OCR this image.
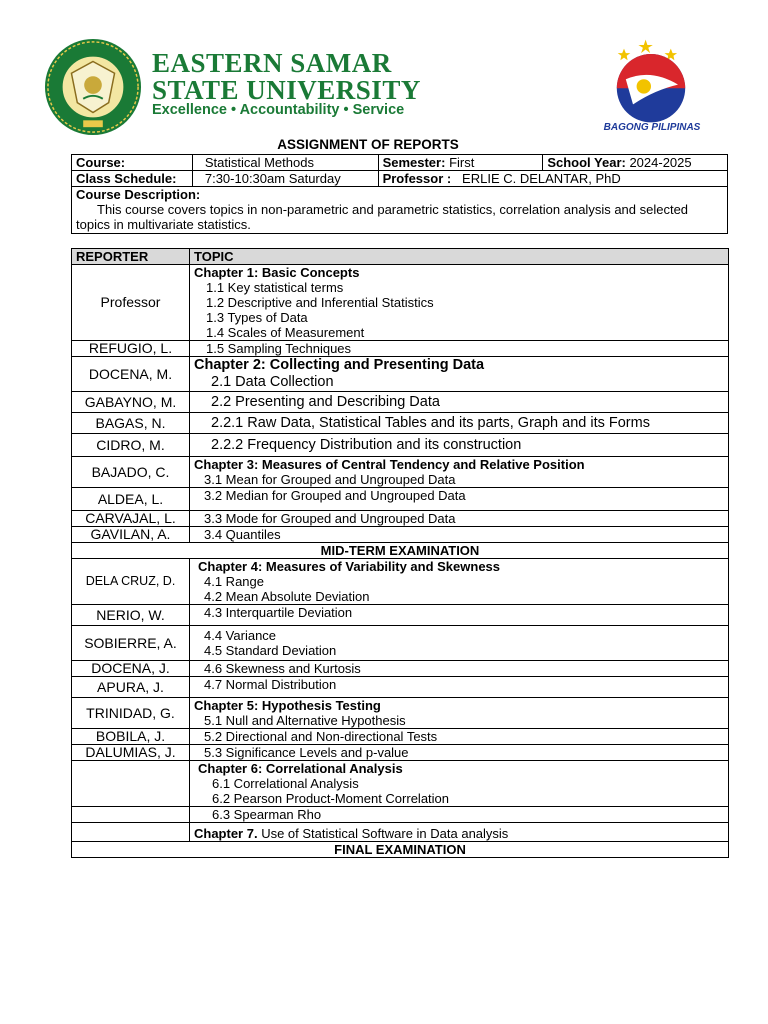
EASTERN SAMAR
STATE UNIVERSITY
Excellence • Accountability • Service
BAGONG PILIPINAS
ASSIGNMENT OF REPORTS
Course:	Statistical Methods	Semester: First	School Year: 2024-2025
Class Schedule:	7:30-10:30am Saturday	Professor : ERLIE C. DELANTAR, PhD	

Course Description:
This course covers topics in non-parametric and parametric statistics, correlation analysis and selected topics in multivariate statistics.			
REPORTER	TOPIC
Professor	Chapter 1: Basic Concepts
1.1 Key statistical terms
1.2 Descriptive and Inferential Statistics
1.3 Types of Data
1.4 Scales of Measurement

REFUGIO, L.	1.5 Sampling Techniques

DOCENA, M.	Chapter 2: Collecting and Presenting Data
2.1 Data Collection

GABAYNO, M.	2.2 Presenting and Describing Data

BAGAS, N.	2.2.1 Raw Data, Statistical Tables and its parts, Graph and its Forms

CIDRO, M.	2.2.2 Frequency Distribution and its construction

BAJADO, C.	Chapter 3: Measures of Central Tendency and Relative Position
3.1 Mean for Grouped and Ungrouped Data

ALDEA, L.	3.2 Median for Grouped and Ungrouped Data

CARVAJAL, L.	3.3 Mode for Grouped and Ungrouped Data

GAVILAN, A.	3.4 Quantiles

MID-TERM EXAMINATION	
DELA CRUZ, D.	Chapter 4: Measures of Variability and Skewness
4.1 Range
4.2 Mean Absolute Deviation

NERIO, W.	4.3 Interquartile Deviation

SOBIERRE, A.	4.4 Variance
4.5 Standard Deviation

DOCENA, J.	4.6 Skewness and Kurtosis

APURA, J.	4.7 Normal Distribution

TRINIDAD, G.	Chapter 5: Hypothesis Testing
5.1 Null and Alternative Hypothesis

BOBILA, J.	5.2 Directional and Non-directional Tests

DALUMIAS, J.	5.3 Significance Levels and p-value

	Chapter 6: Correlational Analysis
6.1 Correlational Analysis
6.2 Pearson Product-Moment Correlation

	6.3 Spearman Rho

	Chapter 7. Use of Statistical Software in Data analysis
FINAL EXAMINATION	
